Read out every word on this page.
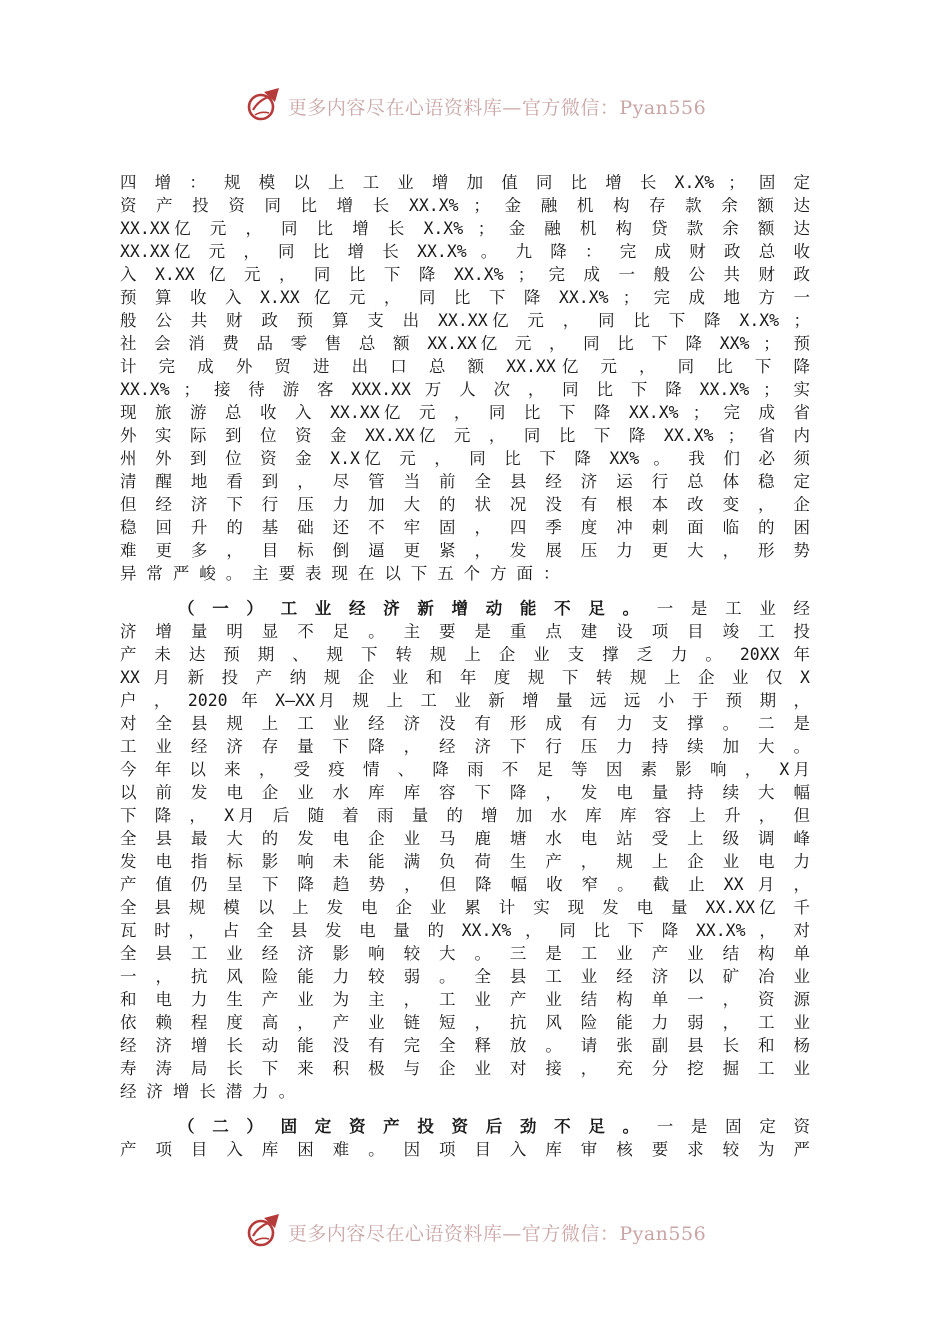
更多内容尽在心语资料库—官方微信：Pyan556
四 增 ： 规 模 以 上 工 业 增 加 值 同 比 增 长 X.X% ； 固 定
资 产 投 资 同 比 增 长 XX.X% ； 金 融 机 构 存 款 余 额 达
XX.XX亿 元 ， 同 比 增 长 X.X% ； 金 融 机 构 贷 款 余 额 达
XX.XX亿 元 ， 同 比 增 长 XX.X% 。 九 降 ： 完 成 财 政 总 收
入 X.XX 亿 元 ， 同 比 下 降 XX.X% ； 完 成 一 般 公 共 财 政
预 算 收 入 X.XX 亿 元 ， 同 比 下 降 XX.X% ； 完 成 地 方 一
般 公 共 财 政 预 算 支 出 XX.XX亿 元 ， 同 比 下 降 X.X% ；
社 会 消 费 品 零 售 总 额 XX.XX亿 元 ， 同 比 下 降 XX% ； 预
计 完 成 外 贸 进 出 口 总 额 XX.XX亿 元 ， 同 比 下 降
XX.X% ； 接 待 游 客 XXX.XX 万 人 次 ， 同 比 下 降 XX.X% ； 实
现 旅 游 总 收 入 XX.XX亿 元 ， 同 比 下 降 XX.X% ； 完 成 省
外 实 际 到 位 资 金 XX.XX亿 元 ， 同 比 下 降 XX.X% ； 省 内
州 外 到 位 资 金 X.X亿 元 ， 同 比 下 降 XX% 。 我 们 必 须
清 醒 地 看 到 ， 尽 管 当 前 全 县 经 济 运 行 总 体 稳 定
但 经 济 下 行 压 力 加 大 的 状 况 没 有 根 本 改 变 ， 企
稳 回 升 的 基 础 还 不 牢 固 ， 四 季 度 冲 刺 面 临 的 困
难 更 多 ， 目 标 倒 逼 更 紧 ， 发 展 压 力 更 大 ， 形 势
异 常 严 峻 。 主 要 表 现 在 以 下 五 个 方 面 ：
（ 一 ） 工 业 经 济 新 增 动 能 不 足 。 一 是 工 业 经
济 增 量 明 显 不 足 。 主 要 是 重 点 建 设 项 目 竣 工 投
产 未 达 预 期 、 规 下 转 规 上 企 业 支 撑 乏 力 。 20XX 年
XX 月 新 投 产 纳 规 企 业 和 年 度 规 下 转 规 上 企 业 仅 X
户 ， 2020 年 X—XX月 规 上 工 业 新 增 量 远 远 小 于 预 期 ，
对 全 县 规 上 工 业 经 济 没 有 形 成 有 力 支 撑 。 二 是
工 业 经 济 存 量 下 降 ， 经 济 下 行 压 力 持 续 加 大 。
今 年 以 来 ， 受 疫 情 、 降 雨 不 足 等 因 素 影 响 ， X月
以 前 发 电 企 业 水 库 库 容 下 降 ， 发 电 量 持 续 大 幅
下 降 ， X月 后 随 着 雨 量 的 增 加 水 库 库 容 上 升 ， 但
全 县 最 大 的 发 电 企 业 马 鹿 塘 水 电 站 受 上 级 调 峰
发 电 指 标 影 响 未 能 满 负 荷 生 产 ， 规 上 企 业 电 力
产 值 仍 呈 下 降 趋 势 ， 但 降 幅 收 窄 。 截 止 XX 月 ，
全 县 规 模 以 上 发 电 企 业 累 计 实 现 发 电 量 XX.XX亿 千
瓦 时 ， 占 全 县 发 电 量 的 XX.X% ， 同 比 下 降 XX.X% ， 对
全 县 工 业 经 济 影 响 较 大 。 三 是 工 业 产 业 结 构 单
一 ， 抗 风 险 能 力 较 弱 。 全 县 工 业 经 济 以 矿 冶 业
和 电 力 生 产 业 为 主 ， 工 业 产 业 结 构 单 一 ， 资 源
依 赖 程 度 高 ， 产 业 链 短 ， 抗 风 险 能 力 弱 ， 工 业
经 济 增 长 动 能 没 有 完 全 释 放 。 请 张 副 县 长 和 杨
寿 涛 局 长 下 来 积 极 与 企 业 对 接 ， 充 分 挖 掘 工 业
经 济 增 长 潜 力 。
（ 二 ） 固 定 资 产 投 资 后 劲 不 足 。 一 是 固 定 资
产 项 目 入 库 困 难 。 因 项 目 入 库 审 核 要 求 较 为 严
更多内容尽在心语资料库—官方微信：Pyan556
